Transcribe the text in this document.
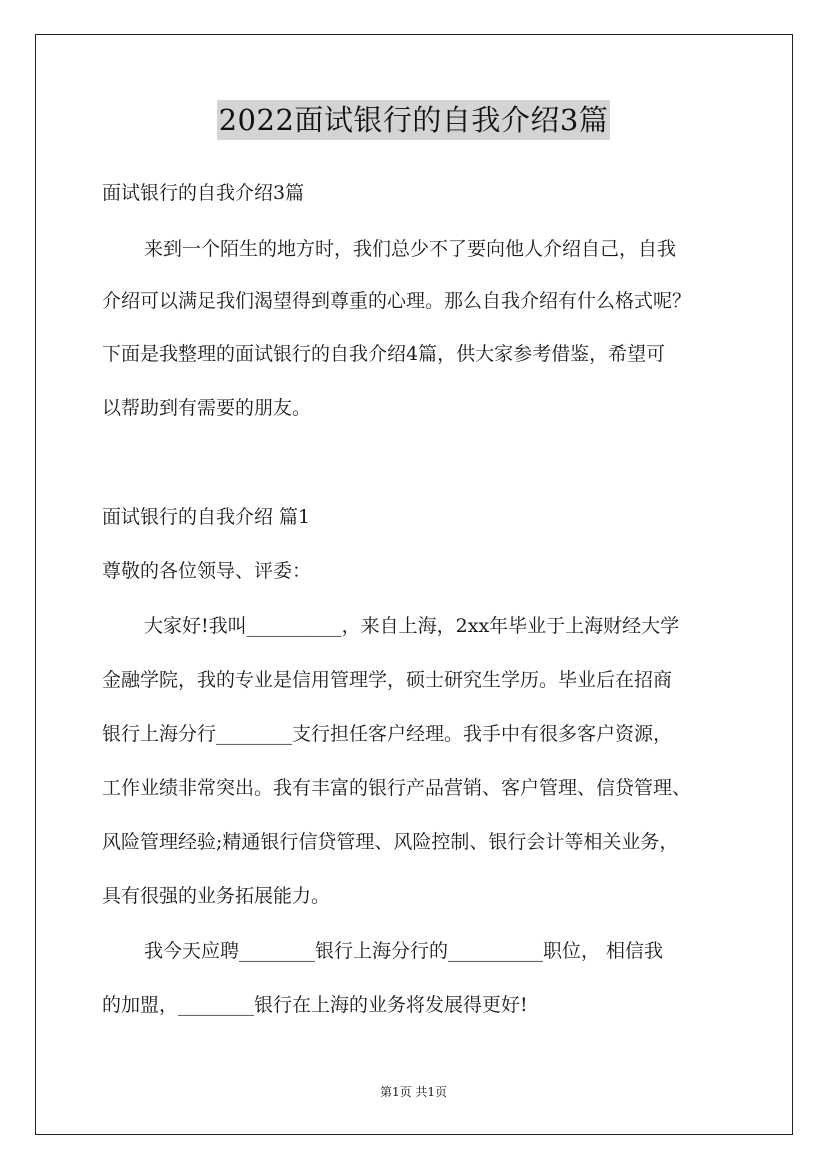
2022面试银行的自我介绍3篇
面试银行的自我介绍3篇
来到一个陌生的地方时，我们总少不了要向他人介绍自己，自我
介绍可以满足我们渴望得到尊重的心理。那么自我介绍有什么格式呢？
下面是我整理的面试银行的自我介绍4篇，供大家参考借鉴，希望可
以帮助到有需要的朋友。
面试银行的自我介绍 篇1
尊敬的各位领导、评委：
大家好!我叫__________，来自上海，2xx年毕业于上海财经大学
金融学院，我的专业是信用管理学，硕士研究生学历。毕业后在招商
银行上海分行________支行担任客户经理。我手中有很多客户资源，
工作业绩非常突出。我有丰富的银行产品营销、客户管理、信贷管理、
风险管理经验;精通银行信贷管理、风险控制、银行会计等相关业务，
具有很强的业务拓展能力。
我今天应聘________银行上海分行的__________职位， 相信我
的加盟，________银行在上海的业务将发展得更好!
第1页 共1页
